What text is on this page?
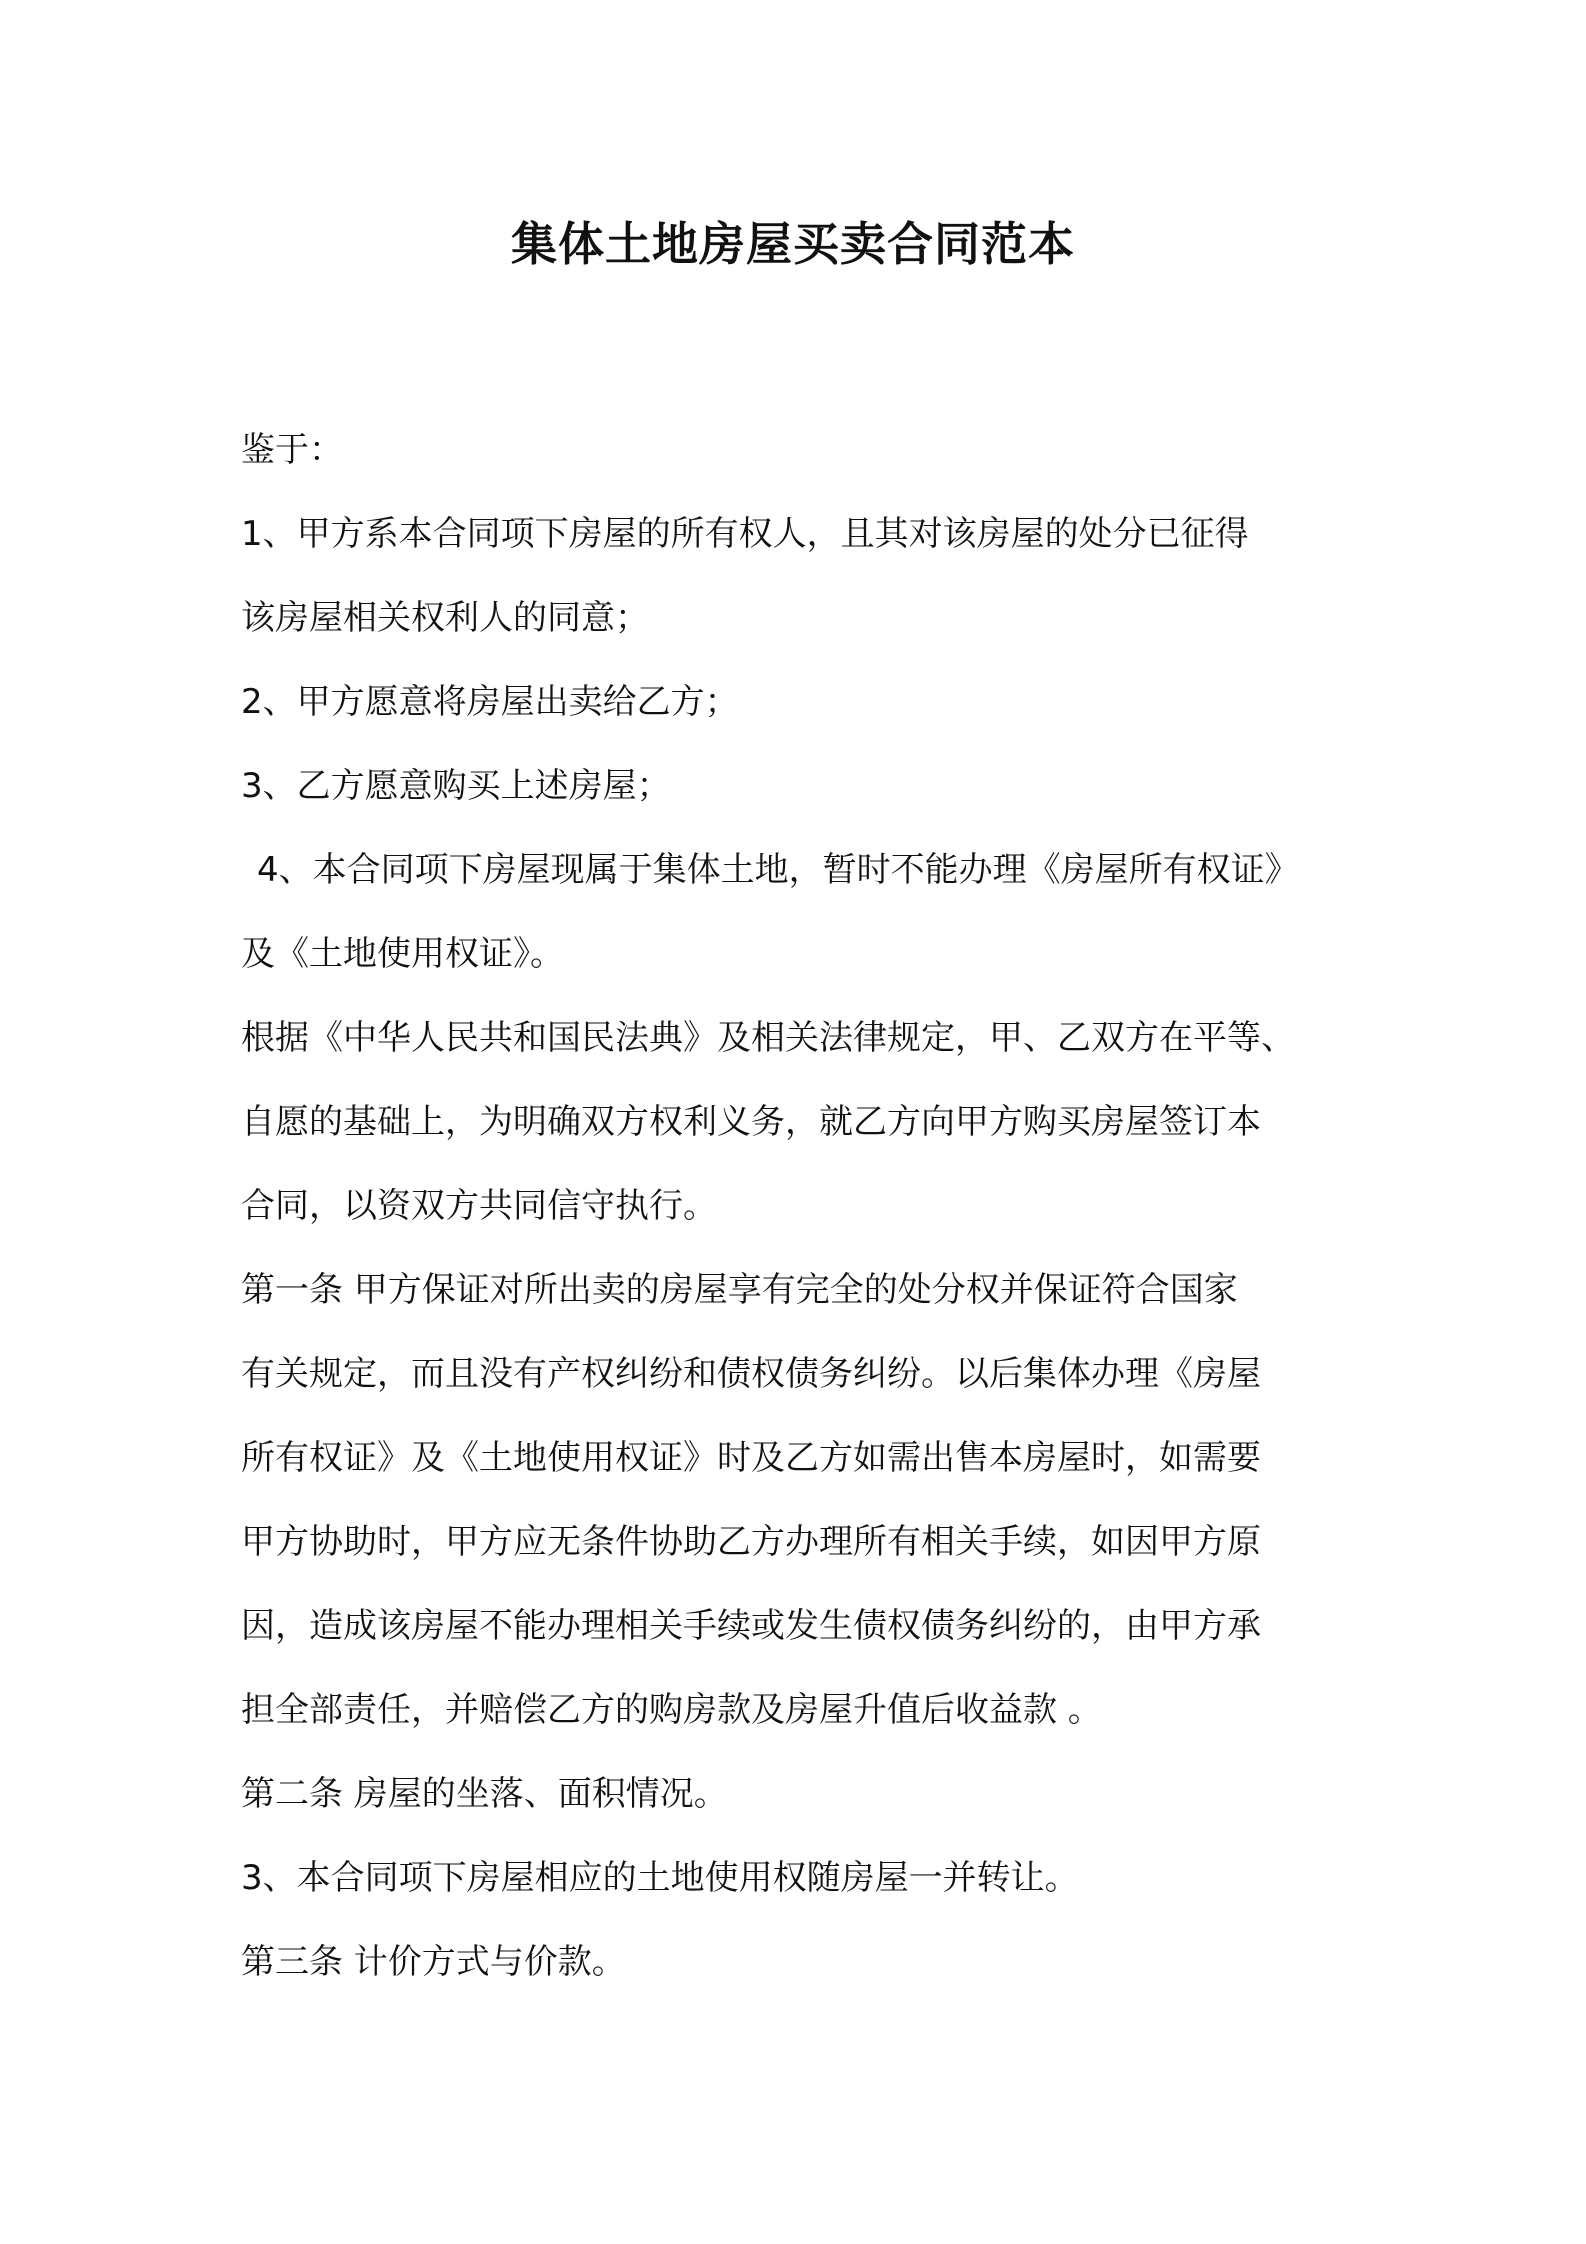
集体土地房屋买卖合同范本
鉴于：
1、甲方系本合同项下房屋的所有权人，且其对该房屋的处分已征得
该房屋相关权利人的同意；
2、甲方愿意将房屋出卖给乙方；
3、乙方愿意购买上述房屋；
4、本合同项下房屋现属于集体土地，暂时不能办理《房屋所有权证》
及《土地使用权证》。
根据《中华人民共和国民法典》及相关法律规定，甲、乙双方在平等、
自愿的基础上，为明确双方权利义务，就乙方向甲方购买房屋签订本
合同，以资双方共同信守执行。
第一条 甲方保证对所出卖的房屋享有完全的处分权并保证符合国家
有关规定，而且没有产权纠纷和债权债务纠纷。以后集体办理《房屋
所有权证》及《土地使用权证》时及乙方如需出售本房屋时，如需要
甲方协助时，甲方应无条件协助乙方办理所有相关手续，如因甲方原
因，造成该房屋不能办理相关手续或发生债权债务纠纷的，由甲方承
担全部责任，并赔偿乙方的购房款及房屋升值后收益款 。
第二条 房屋的坐落、面积情况。
3、本合同项下房屋相应的土地使用权随房屋一并转让。
第三条 计价方式与价款。
